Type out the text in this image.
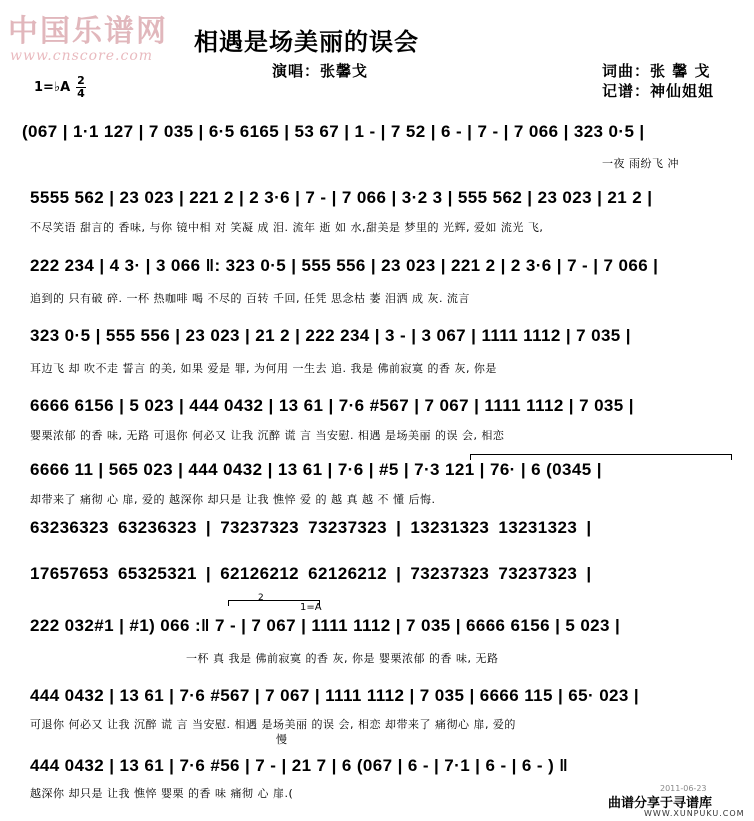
中国乐谱网
www.cnscore.com 相遇是场美丽的误会
演唱：张馨戈	词曲：张 馨 戈
记谱：神仙姐姐
1=♭A 2
4
(067 | 1·1 127 | 7 035 | 6·5 6165 | 53 67 | 1 - | 7 52 | 6 - | 7 - | 7 066 | 323 0·5 |
一夜 雨纷飞 冲
5555 562 | 23 023 | 221 2 | 2 3·6 | 7 - | 7 066 | 3·2 3 | 555 562 | 23 023 | 21 2 |
不尽笑语 甜言的 香味, 与你 镜中相 对 笑凝 成 泪. 流年 逝 如 水,甜美是 梦里的 光辉, 爱如 流光 飞,
222 234 | 4 3· | 3 066 ‖: 323 0·5 | 555 556 | 23 023 | 221 2 | 2 3·6 | 7 - | 7 066 |
追到的 只有破 碎. 一杯 热咖啡 喝 不尽的 百转 千回, 任凭 思念枯 萎 泪洒 成 灰. 流言
323 0·5 | 555 556 | 23 023 | 21 2 | 222 234 | 3 - | 3 067 | 1111 1112 | 7 035 |
耳边飞 却 吹不走 誓言 的美, 如果 爱是 罪, 为何用 一生去 追. 我是 佛前寂寞 的香 灰, 你是
6666 6156 | 5 023 | 444 0432 | 13 61 | 7·6 #567 | 7 067 | 1111 1112 | 7 035 |
婴栗浓郁 的香 味, 无路 可退你 何必又 让我 沉醉 谎 言 当安慰. 相遇 是场美丽 的误 会, 相恋
6666 11 | 565 023 | 444 0432 | 13 61 | 7·6 | #5 | 7·3 121 | 76· | 6 (0345 |
却带来了 痛彻 心 扉, 爱的 越深你 却只是 让我 憔悴 爱 的 越 真 越 不 懂 后悔.
63236323 63236323 | 73237323 73237323 | 13231323 13231323 |
17657653 65325321 | 62126212 62126212 | 73237323 73237323 |
2
1=A
222 032#1 | #1) 066 :‖ 7 - | 7 067 | 1111 1112 | 7 035 | 6666 6156 | 5 023 |
一杯 真 我是 佛前寂寞 的香 灰, 你是 婴栗浓郁 的香 味, 无路
444 0432 | 13 61 | 7·6 #567 | 7 067 | 1111 1112 | 7 035 | 6666 115 | 65· 023 |
可退你 何必又 让我 沉醉 谎 言 当安慰. 相遇 是场美丽 的误 会, 相恋 却带来了 痛彻心 扉, 爱的
慢
444 0432 | 13 61 | 7·6 #56 | 7 - | 21 7 | 6 (067 | 6 - | 7·1 | 6 - | 6 - ) ‖
越深你 却只是 让我 憔悴 婴栗 的香 味 痛彻 心 扉.(	2011-06-23
曲谱分享于寻谱库
WWW.XUNPUKU.COM
